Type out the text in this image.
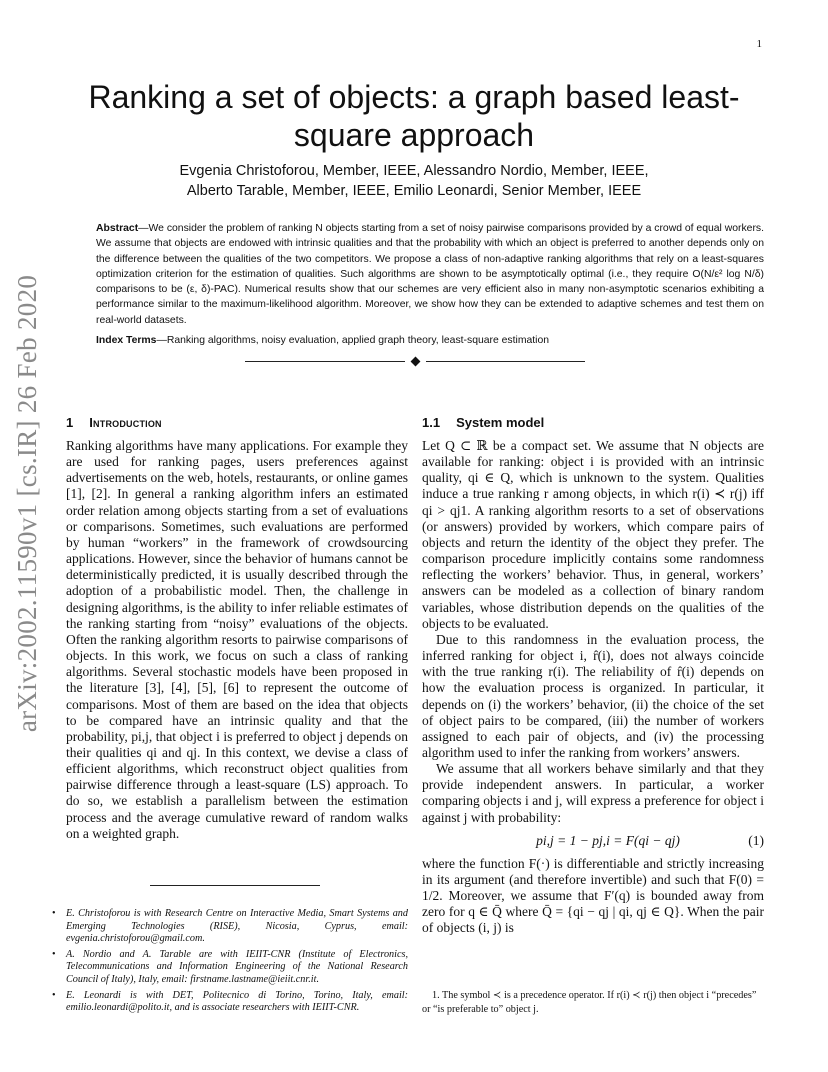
1
arXiv:2002.11590v1 [cs.IR] 26 Feb 2020
Ranking a set of objects: a graph based least-square approach
Evgenia Christoforou, Member, IEEE, Alessandro Nordio, Member, IEEE,
Alberto Tarable, Member, IEEE, Emilio Leonardi, Senior Member, IEEE
Abstract—We consider the problem of ranking N objects starting from a set of noisy pairwise comparisons provided by a crowd of equal workers. We assume that objects are endowed with intrinsic qualities and that the probability with which an object is preferred to another depends only on the difference between the qualities of the two competitors. We propose a class of non-adaptive ranking algorithms that rely on a least-squares optimization criterion for the estimation of qualities. Such algorithms are shown to be asymptotically optimal (i.e., they require O(N/ε² log N/δ) comparisons to be (ε, δ)-PAC). Numerical results show that our schemes are very efficient also in many non-asymptotic scenarios exhibiting a performance similar to the maximum-likelihood algorithm. Moreover, we show how they can be extended to adaptive schemes and test them on real-world datasets.
Index Terms—Ranking algorithms, noisy evaluation, applied graph theory, least-square estimation
1 Introduction

Ranking algorithms have many applications. For example they are used for ranking pages, users preferences against advertisements on the web, hotels, restaurants, or online games [1], [2]. In general a ranking algorithm infers an estimated order relation among objects starting from a set of evaluations or comparisons. Sometimes, such evaluations are performed by human “workers” in the framework of crowdsourcing applications. However, since the behavior of humans cannot be deterministically predicted, it is usually described through the adoption of a probabilistic model. Then, the challenge in designing algorithms, is the ability to infer reliable estimates of the ranking starting from “noisy” evaluations of the objects. Often the ranking algorithm resorts to pairwise comparisons of objects. In this work, we focus on such a class of ranking algorithms. Several stochastic models have been proposed in the literature [3], [4], [5], [6] to represent the outcome of comparisons. Most of them are based on the idea that objects to be compared have an intrinsic quality and that the probability, pi,j, that object i is preferred to object j depends on their qualities qi and qj. In this context, we devise a class of efficient algorithms, which reconstruct object qualities from pairwise difference through a least-square (LS) approach. To do so, we establish a parallelism between the estimation process and the average cumulative reward of random walks on a weighted graph.

1.1 System model

Let Q ⊂ ℝ be a compact set. We assume that N objects are available for ranking: object i is provided with an intrinsic quality, qi ∈ Q, which is unknown to the system. Qualities induce a true ranking r among objects, in which r(i) ≺ r(j) iff qi > qj1. A ranking algorithm resorts to a set of observations (or answers) provided by workers, which compare pairs of objects and return the identity of the object they prefer. The comparison procedure implicitly contains some randomness reflecting the workers’ behavior. Thus, in general, workers’ answers can be modeled as a collection of binary random variables, whose distribution depends on the qualities of the objects to be evaluated.

Due to this randomness in the evaluation process, the inferred ranking for object i, r̂(i), does not always coincide with the true ranking r(i). The reliability of r̂(i) depends on how the evaluation process is organized. In particular, it depends on (i) the workers’ behavior, (ii) the choice of the set of object pairs to be compared, (iii) the number of workers assigned to each pair of objects, and (iv) the processing algorithm used to infer the ranking from workers’ answers.

We assume that all workers behave similarly and that they provide independent answers. In particular, a worker comparing objects i and j, will express a preference for object i against j with probability:

pi,j = 1 − pj,i = F(qi − qj)	(1)

where the function F(·) is differentiable and strictly increasing in its argument (and therefore invertible) and such that F(0) = 1/2. Moreover, we assume that F′(q) is bounded away from zero for q ∈ Q̄ where Q̄ = {qi − qj | qi, qj ∈ Q}. When the pair of objects (i, j) is

•	E. Christoforou is with Research Centre on Interactive Media, Smart Systems and Emerging Technologies (RISE), Nicosia, Cyprus, email: evgenia.christoforou@gmail.com.
•	A. Nordio and A. Tarable are with IEIIT-CNR (Institute of Electronics, Telecommunications and Information Engineering of the National Research Council of Italy), Italy, email: firstname.lastname@ieiit.cnr.it.
•	E. Leonardi is with DET, Politecnico di Torino, Torino, Italy, email: emilio.leonardi@polito.it, and is associate researchers with IEIIT-CNR.
1. The symbol ≺ is a precedence operator. If r(i) ≺ r(j) then object i “precedes” or “is preferable to” object j.
